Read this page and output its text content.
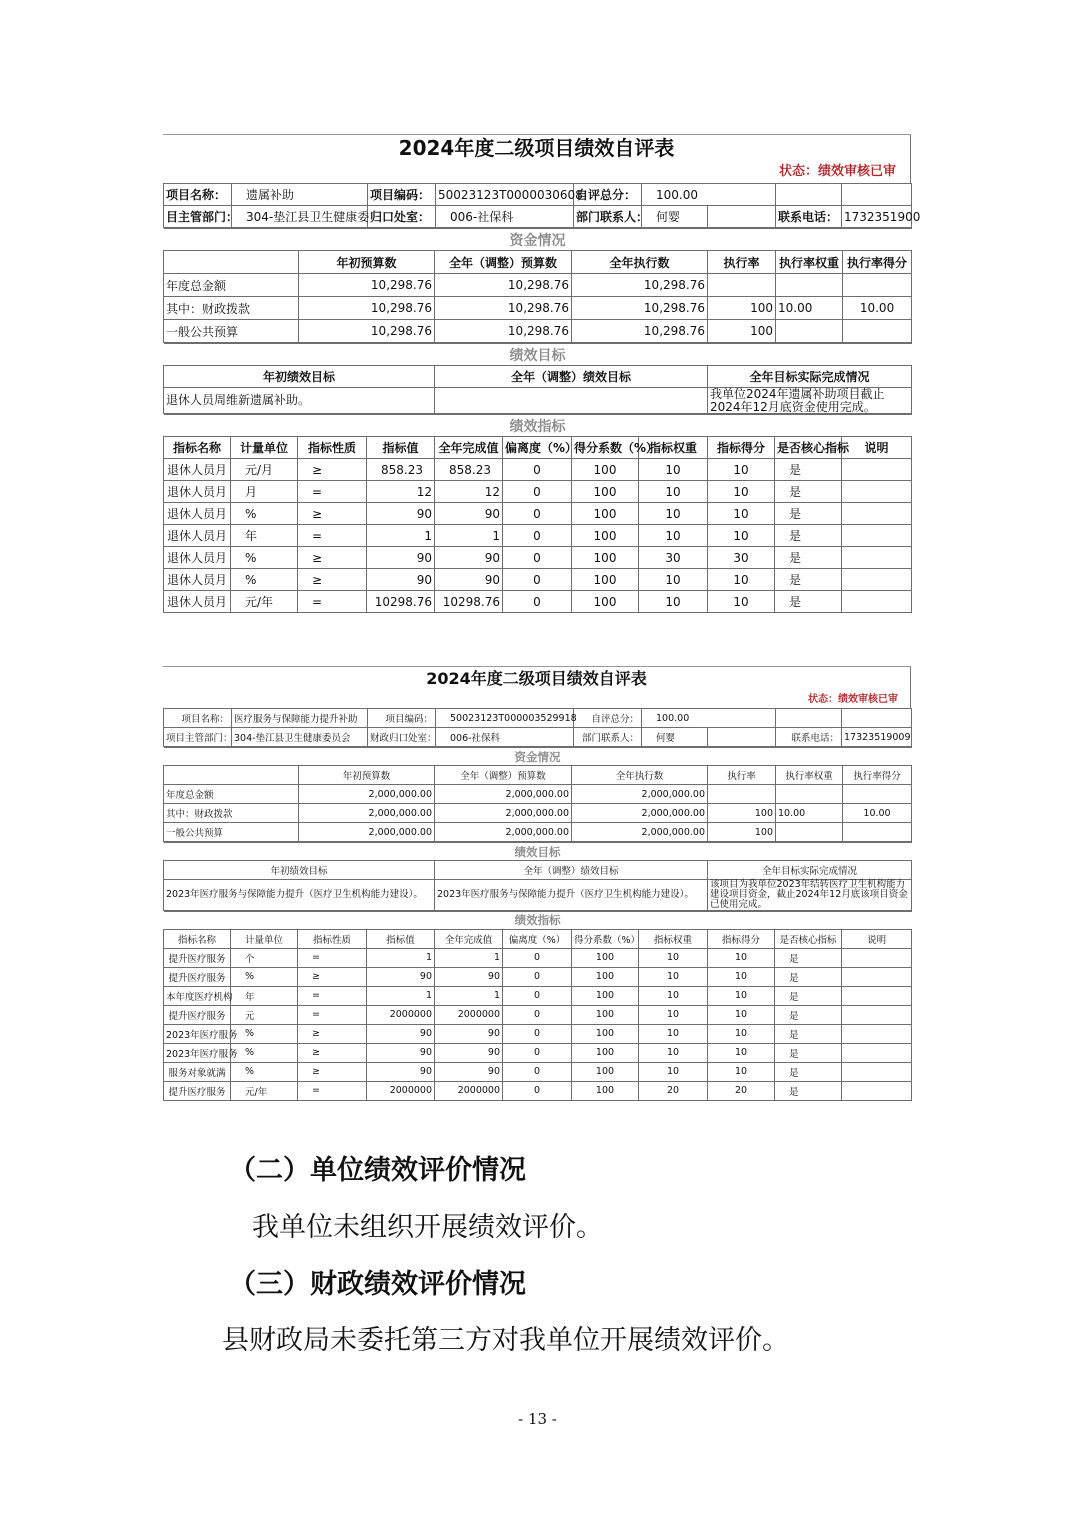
2024年度二级项目绩效自评表
状态：绩效审核已审
项目名称：	遗属补助	项目编码：	50023123T0000030608	自评总分：	100.00			
目主管部门：	304-垫江县卫生健康委	归口处室：	006-社保科	部门联系人：	何婴		联系电话：	1732351900
资金情况						
	年初预算数	全年（调整）预算数	全年执行数	执行率	执行率权重	执行率得分
年度总金额	10,298.76	10,298.76	10,298.76			
其中：财政拨款	10,298.76	10,298.76	10,298.76	100	10.00	10.00
一般公共预算	10,298.76	10,298.76	10,298.76	100		
绩效目标		
年初绩效目标	全年（调整）绩效目标	全年目标实际完成情况
退休人员周维新遗属补助。		我单位2024年遗属补助项目截止2024年12月底资金使用完成。
绩效指标										
指标名称	计量单位	指标性质	指标值	全年完成值	偏离度（%）	得分系数（%）	指标权重	指标得分	是否核心指标	说明
退休人员月	元/月	≥	858.23	858.23	0	100	10	10	是	
退休人员月	月	=	12	12	0	100	10	10	是	
退休人员月	%	≥	90	90	0	100	10	10	是	
退休人员月	年	=	1	1	0	100	10	10	是	
退休人员月	%	≥	90	90	0	100	30	30	是	
退休人员月	%	≥	90	90	0	100	10	10	是	
退休人员月	元/年	=	10298.76	10298.76	0	100	10	10	是	
2024年度二级项目绩效自评表
状态：绩效审核已审
项目名称：	医疗服务与保障能力提升补助	项目编码：	50023123T000003529918	自评总分：	100.00			
项目主管部门：	304-垫江县卫生健康委员会	财政归口处室：	006-社保科	部门联系人：	何婴		联系电话：	17323519009
资金情况						
	年初预算数	全年（调整）预算数	全年执行数	执行率	执行率权重	执行率得分
年度总金额	2,000,000.00	2,000,000.00	2,000,000.00			
其中：财政拨款	2,000,000.00	2,000,000.00	2,000,000.00	100	10.00	10.00
一般公共预算	2,000,000.00	2,000,000.00	2,000,000.00	100		
绩效目标		
年初绩效目标	全年（调整）绩效目标	全年目标实际完成情况
2023年医疗服务与保障能力提升（医疗卫生机构能力建设）。	2023年医疗服务与保障能力提升（医疗卫生机构能力建设）。	该项目为我单位2023年结转医疗卫生机构能力建设项目资金，截止2024年12月底该项目资金已使用完成。
绩效指标										
指标名称	计量单位	指标性质	指标值	全年完成值	偏离度（%）	得分系数（%）	指标权重	指标得分	是否核心指标	说明
提升医疗服务	个	=	1	1	0	100	10	10	是	
提升医疗服务	%	≥	90	90	0	100	10	10	是	
本年度医疗机构	年	=	1	1	0	100	10	10	是	
提升医疗服务	元	=	2000000	2000000	0	100	10	10	是	
2023年医疗服务	%	≥	90	90	0	100	10	10	是	
2023年医疗服务	%	≥	90	90	0	100	10	10	是	
服务对象就满	%	≥	90	90	0	100	10	10	是	
提升医疗服务	元/年	=	2000000	2000000	0	100	20	20	是	
（二）单位绩效评价情况
我单位未组织开展绩效评价。
（三）财政绩效评价情况
县财政局未委托第三方对我单位开展绩效评价。
- 13 -
